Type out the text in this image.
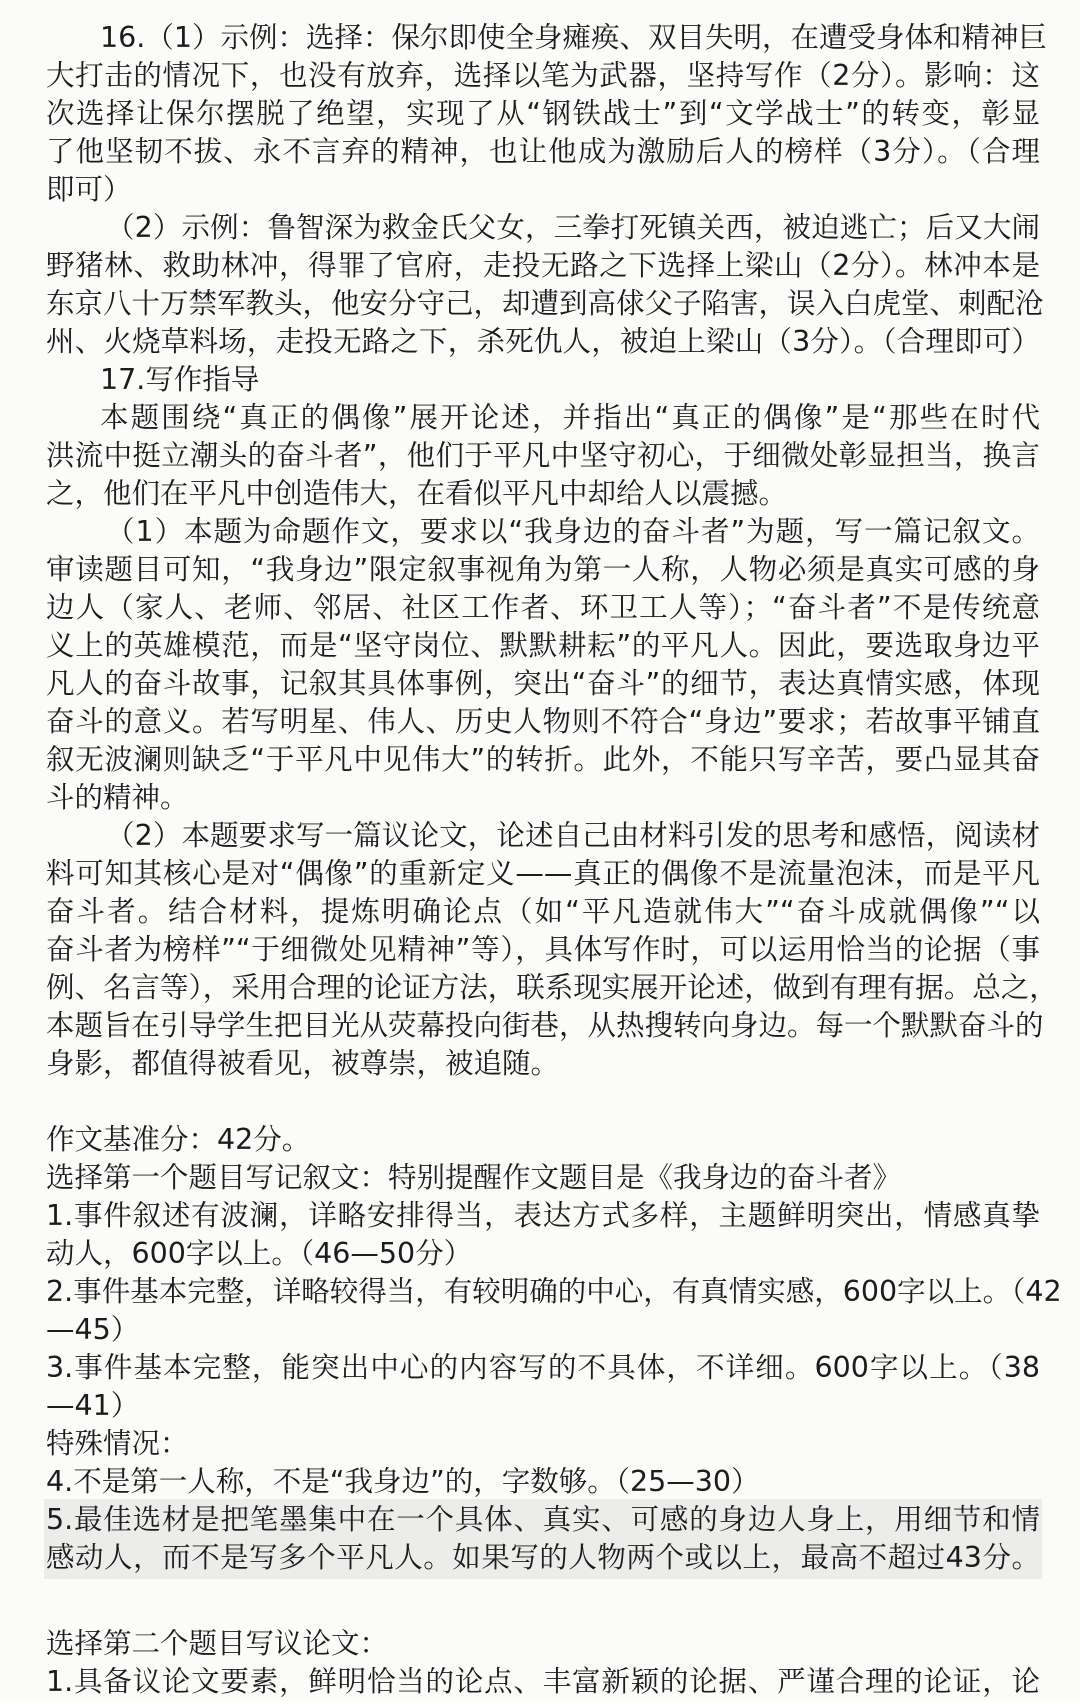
16.（1）示例：选择：保尔即使全身瘫痪、双目失明，在遭受身体和精神巨
大打击的情况下，也没有放弃，选择以笔为武器，坚持写作（2分）。影响：这
次选择让保尔摆脱了绝望，实现了从“钢铁战士”到“文学战士”的转变，彰显
了他坚韧不拔、永不言弃的精神，也让他成为激励后人的榜样（3分）。（合理
即可）
（2）示例：鲁智深为救金氏父女，三拳打死镇关西，被迫逃亡；后又大闹
野猪林、救助林冲，得罪了官府，走投无路之下选择上梁山（2分）。林冲本是
东京八十万禁军教头，他安分守己，却遭到高俅父子陷害，误入白虎堂、刺配沧
州、火烧草料场，走投无路之下，杀死仇人，被迫上梁山（3分）。（合理即可）
17.写作指导
本题围绕“真正的偶像”展开论述，并指出“真正的偶像”是“那些在时代
洪流中挺立潮头的奋斗者”，他们于平凡中坚守初心，于细微处彰显担当，换言
之，他们在平凡中创造伟大，在看似平凡中却给人以震撼。
（1）本题为命题作文，要求以“我身边的奋斗者”为题，写一篇记叙文。
审读题目可知，“我身边”限定叙事视角为第一人称，人物必须是真实可感的身
边人（家人、老师、邻居、社区工作者、环卫工人等）；“奋斗者”不是传统意
义上的英雄模范，而是“坚守岗位、默默耕耘”的平凡人。因此，要选取身边平
凡人的奋斗故事，记叙其具体事例，突出“奋斗”的细节，表达真情实感，体现
奋斗的意义。若写明星、伟人、历史人物则不符合“身边”要求；若故事平铺直
叙无波澜则缺乏“于平凡中见伟大”的转折。此外，不能只写辛苦，要凸显其奋
斗的精神。
（2）本题要求写一篇议论文，论述自己由材料引发的思考和感悟，阅读材
料可知其核心是对“偶像”的重新定义——真正的偶像不是流量泡沫，而是平凡
奋斗者。结合材料，提炼明确论点（如“平凡造就伟大”“奋斗成就偶像”“以
奋斗者为榜样”“于细微处见精神”等），具体写作时，可以运用恰当的论据（事
例、名言等），采用合理的论证方法，联系现实展开论述，做到有理有据。总之，
本题旨在引导学生把目光从荧幕投向街巷，从热搜转向身边。每一个默默奋斗的
身影，都值得被看见，被尊崇，被追随。
作文基准分：42分。
选择第一个题目写记叙文：特别提醒作文题目是《我身边的奋斗者》
1.事件叙述有波澜，详略安排得当，表达方式多样，主题鲜明突出，情感真挚
动人，600字以上。（46—50分）
2.事件基本完整，详略较得当，有较明确的中心，有真情实感，600字以上。（42
—45）
3.事件基本完整，能突出中心的内容写的不具体，不详细。600字以上。（38
—41）
特殊情况：
4.不是第一人称，不是“我身边”的，字数够。（25—30）
5.最佳选材是把笔墨集中在一个具体、真实、可感的身边人身上，用细节和情
感动人，而不是写多个平凡人。如果写的人物两个或以上，最高不超过43分。
选择第二个题目写议论文：
1.具备议论文要素，鲜明恰当的论点、丰富新颖的论据、严谨合理的论证，论
